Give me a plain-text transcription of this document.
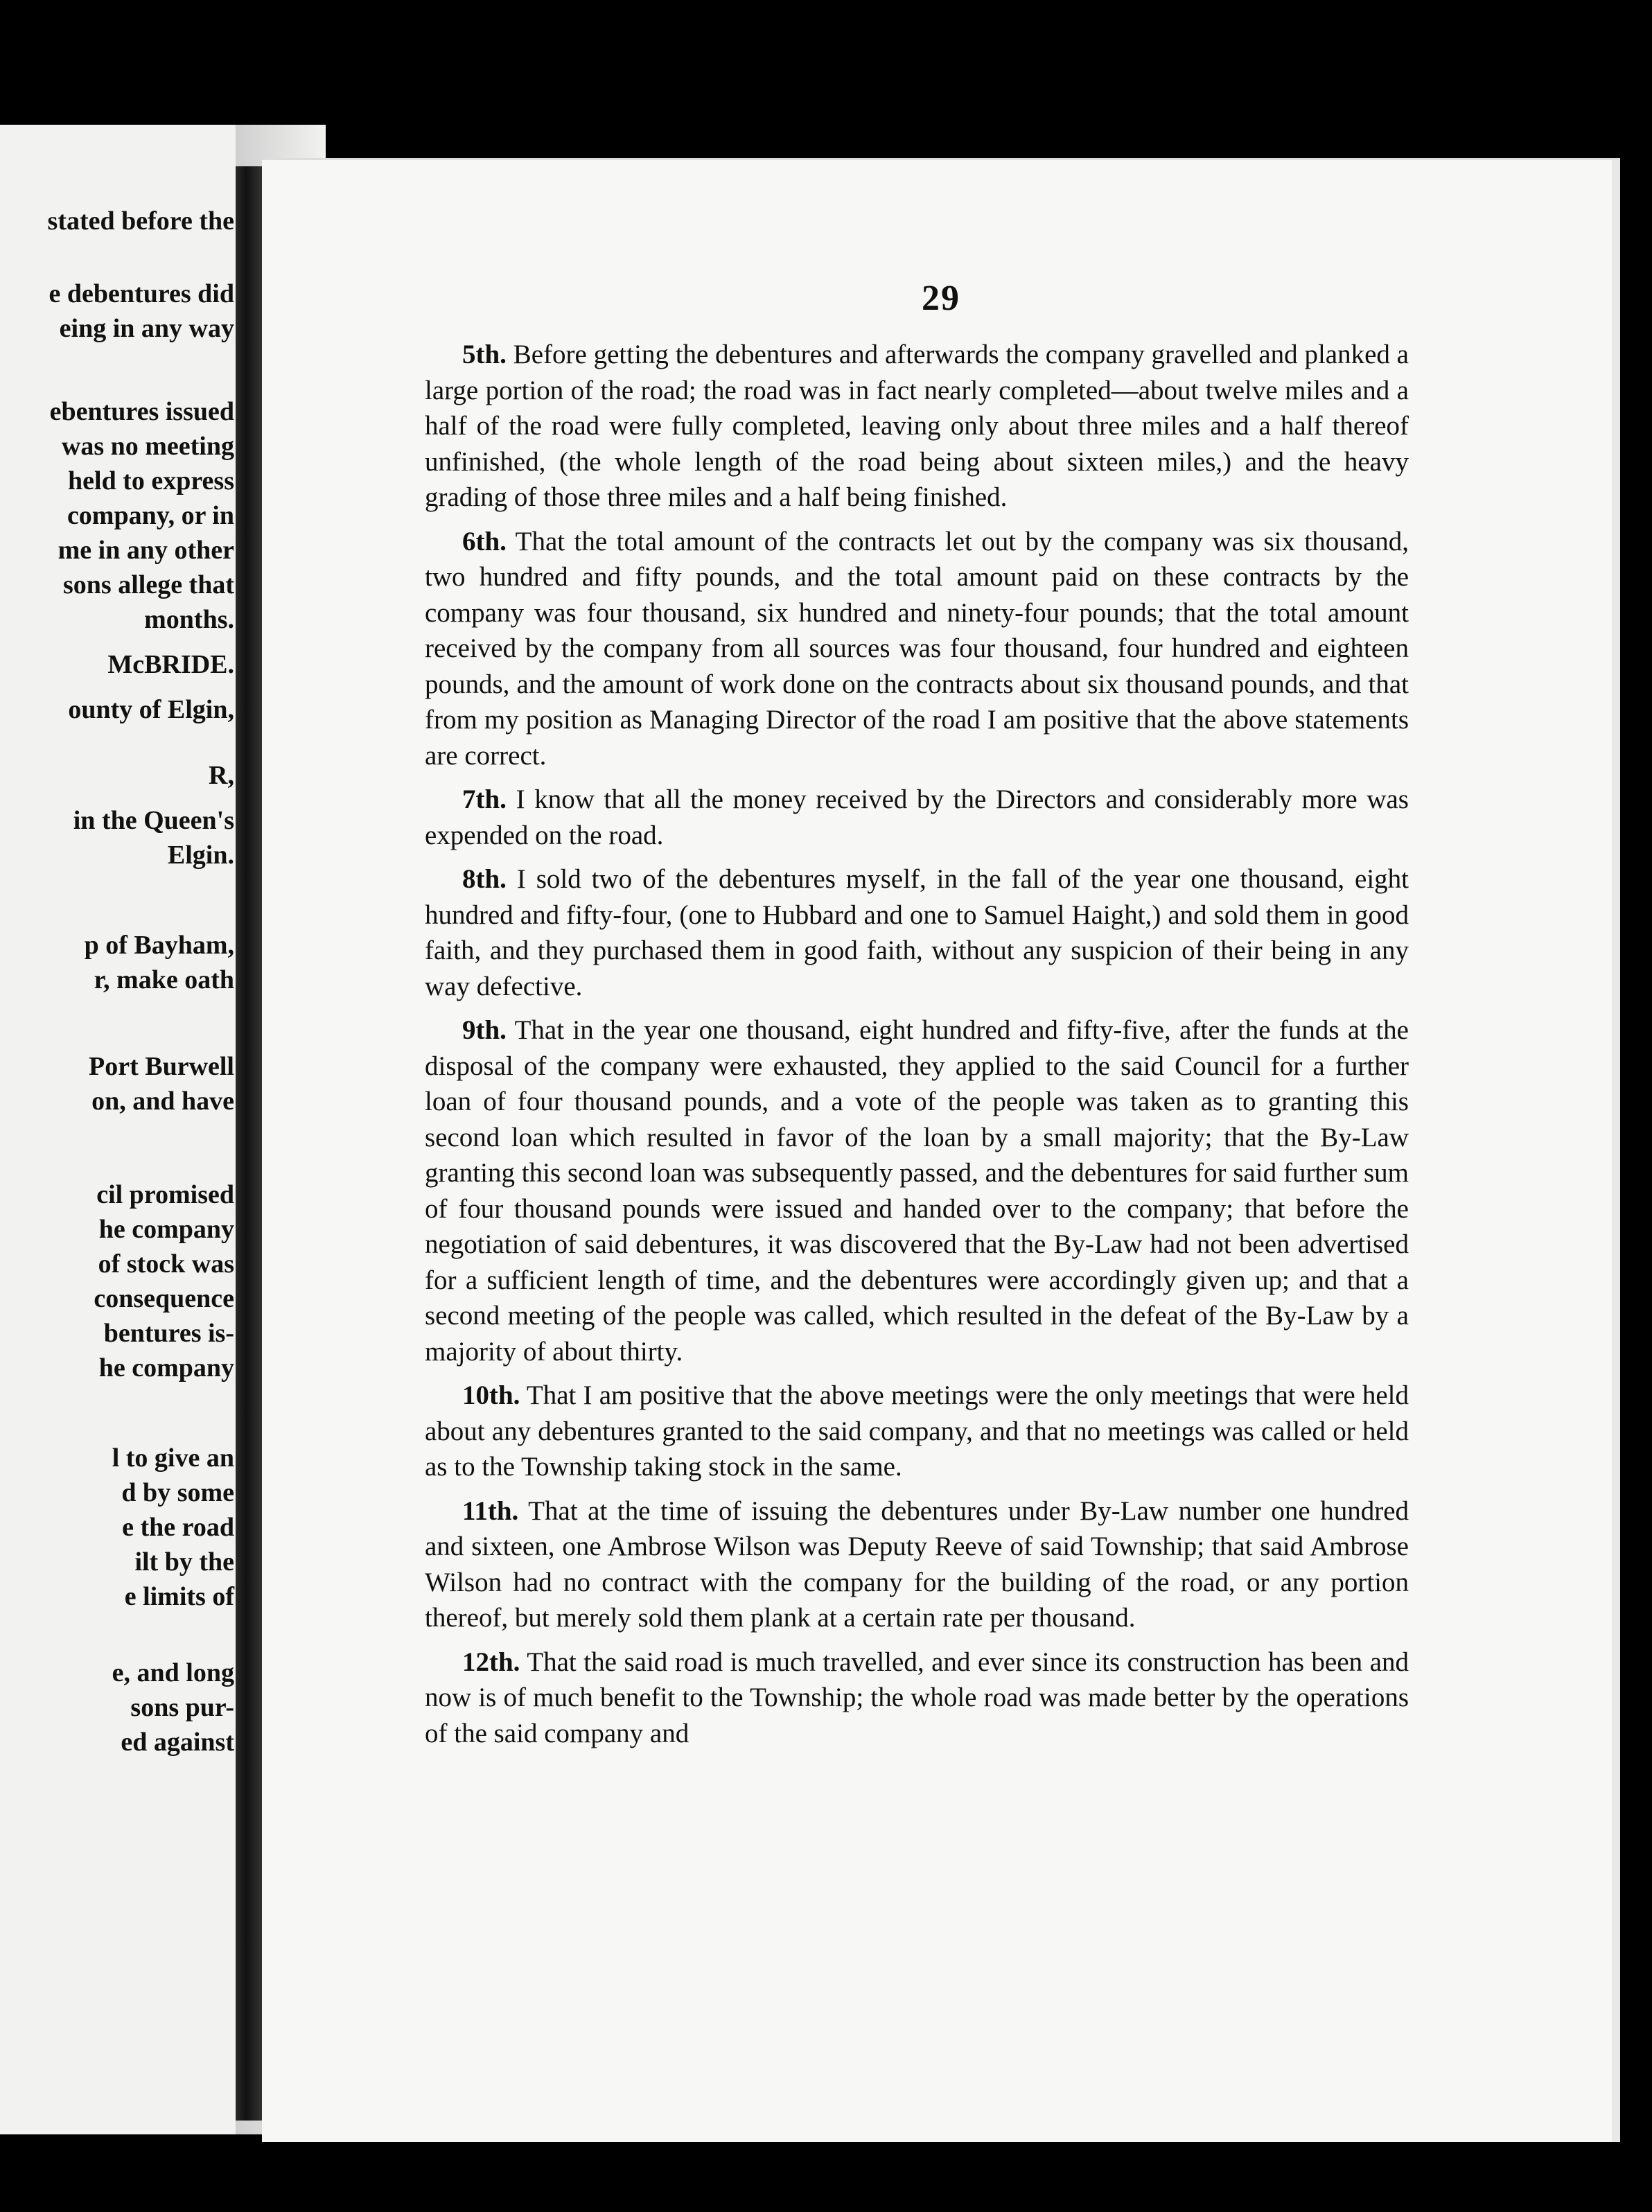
stated before the
e debentures did
eing in any way
ebentures issued
was no meeting
held to express
company, or in
me in any other
sons allege that
months.
McBRIDE.
ounty of Elgin,
R,
in the Queen's
Elgin.
p of Bayham,
r, make oath
Port Burwell
on, and have
cil promised
he company
of stock was
consequence
bentures is-
he company
l to give an
d by some
e the road
ilt by the
e limits of
e, and long
sons pur-
ed against
29

5th. Before getting the debentures and afterwards the company gravelled and planked a large portion of the road; the road was in fact nearly completed—about twelve miles and a half of the road were fully completed, leaving only about three miles and a half thereof unfinished, (the whole length of the road being about sixteen miles,) and the heavy grading of those three miles and a half being finished.

6th. That the total amount of the contracts let out by the company was six thousand, two hundred and fifty pounds, and the total amount paid on these contracts by the company was four thousand, six hundred and ninety-four pounds; that the total amount received by the company from all sources was four thousand, four hundred and eighteen pounds, and the amount of work done on the contracts about six thousand pounds, and that from my position as Managing Director of the road I am positive that the above statements are correct.

7th. I know that all the money received by the Directors and considerably more was expended on the road.

8th. I sold two of the debentures myself, in the fall of the year one thousand, eight hundred and fifty-four, (one to Hubbard and one to Samuel Haight,) and sold them in good faith, and they purchased them in good faith, without any suspicion of their being in any way defective.

9th. That in the year one thousand, eight hundred and fifty-five, after the funds at the disposal of the company were exhausted, they applied to the said Council for a further loan of four thousand pounds, and a vote of the people was taken as to granting this second loan which resulted in favor of the loan by a small majority; that the By-Law granting this second loan was subsequently passed, and the debentures for said further sum of four thousand pounds were issued and handed over to the company; that before the negotiation of said debentures, it was discovered that the By-Law had not been advertised for a sufficient length of time, and the debentures were accordingly given up; and that a second meeting of the people was called, which resulted in the defeat of the By-Law by a majority of about thirty.

10th. That I am positive that the above meetings were the only meetings that were held about any debentures granted to the said company, and that no meetings was called or held as to the Township taking stock in the same.

11th. That at the time of issuing the debentures under By-Law number one hundred and sixteen, one Ambrose Wilson was Deputy Reeve of said Township; that said Ambrose Wilson had no contract with the company for the building of the road, or any portion thereof, but merely sold them plank at a certain rate per thousand.

12th. That the said road is much travelled, and ever since its construction has been and now is of much benefit to the Township; the whole road was made better by the operations of the said company and
